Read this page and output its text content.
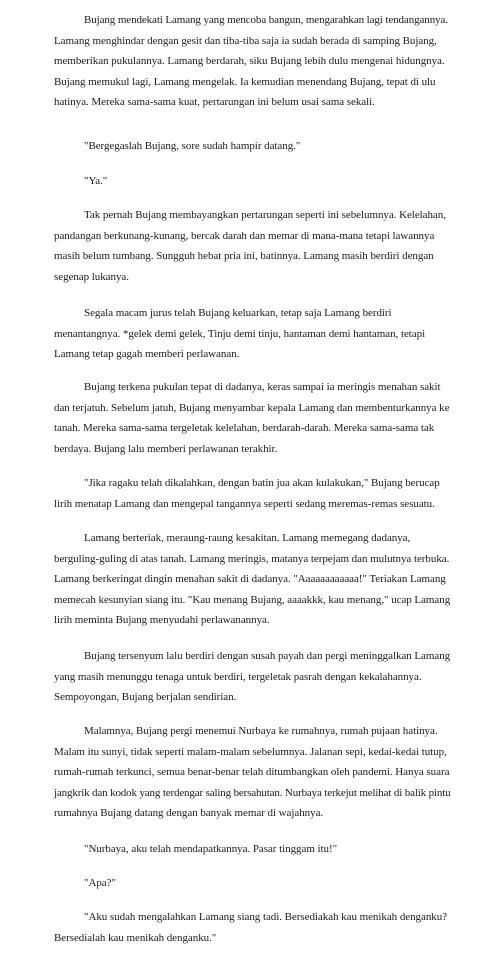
Bujang mendekati Lamang yang mencoba bangun, mengarahkan lagi tendangannya.
Lamang menghindar dengan gesit dan tiba-tiba saja ia sudah berada di samping Bujang,
memberikan pukulannya. Lamang berdarah, siku Bujang lebih dulu mengenai hidungnya.
Bujang memukul lagi, Lamang mengelak. Ia kemudian menendang Bujang, tepat di ulu
hatinya. Mereka sama-sama kuat, pertarungan ini belum usai sama sekali.

"Bergegaslah Bujang, sore sudah hampir datang."

"Ya."

Tak pernah Bujang membayangkan pertarungan seperti ini sebelumnya. Kelelahan,
pandangan berkunang-kunang, bercak darah dan memar di mana-mana tetapi lawannya
masih belum tumbang. Sungguh hebat pria ini, batinnya. Lamang masih berdiri dengan
segenap lukanya.

Segala macam jurus telah Bujang keluarkan, tetap saja Lamang berdiri
menantangnya. *gelek demi gelek, Tinju demi tinju, hantaman demi hantaman, tetapi
Lamang tetap gagah memberi perlawanan.

Bujang terkena pukulan tepat di dadanya, keras sampai ia meringis menahan sakit
dan terjatuh. Sebelum jatuh, Bujang menyambar kepala Lamang dan membenturkannya ke
tanah. Mereka sama-sama tergeletak kelelahan, berdarah-darah. Mereka sama-sama tak
berdaya. Bujang lalu memberi perlawanan terakhir.

"Jika ragaku telah dikalahkan, dengan batin jua akan kulakukan," Bujang berucap
lirih menatap Lamang dan mengepal tangannya seperti sedang meremas-remas sesuatu.

Lamang berteriak, meraung-raung kesakitan. Lamang memegang dadanya,
berguling-guling di atas tanah. Lamang meringis, matanya terpejam dan mulutnya terbuka.
Lamang berkeringat dingin menahan sakit di dadanya. "Aaaaaaaaaaaa!" Teriakan Lamang
memecah kesunyian siang itu. "Kau menang Bujang, aaaakkk, kau menang," ucap Lamang
lirih meminta Bujang menyudahi perlawanannya.

Bujang tersenyum lalu berdiri dengan susah payah dan pergi meninggalkan Lamang
yang masih menunggu tenaga untuk berdiri, tergeletak pasrah dengan kekalahannya.
Sempoyongan, Bujang berjalan sendirian.

Malamnya, Bujang pergi menemui Nurbaya ke rumahnya, rumah pujaan hatinya.
Malam itu sunyi, tidak seperti malam-malam sebelumnya. Jalanan sepi, kedai-kedai tutup,
rumah-rumah terkunci, semua benar-benar telah ditumbangkan oleh pandemi. Hanya suara
jangkrik dan kodok yang terdengar saling bersahutan. Nurbaya terkejut melihat di balik pintu
rumahnya Bujang datang dengan banyak memar di wajahnya.

"Nurbaya, aku telah mendapatkannya. Pasar tinggam itu!"

"Apa?"

"Aku sudah mengalahkan Lamang siang tadi. Bersediakah kau menikah denganku?
Bersedialah kau menikah denganku."
